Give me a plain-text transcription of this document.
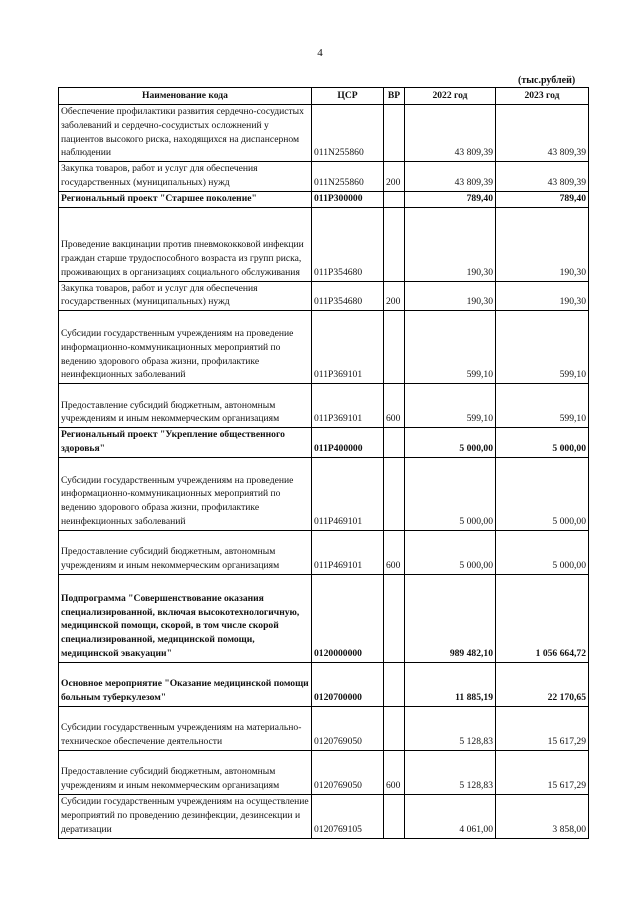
4
(тыс.рублей)
Наименование кода	ЦСР	ВР	2022 год	2023 год
Обеспечение профилактики развития сердечно-сосудистых заболеваний и сердечно-сосудистых осложнений у пациентов высокого риска, находящихся на диспансерном наблюдении	011N255860		43 809,39	43 809,39
Закупка товаров, работ и услуг для обеспечения государственных (муниципальных) нужд	011N255860	200	43 809,39	43 809,39
Региональный проект "Старшее поколение"	011P300000		789,40	789,40
Проведение вакцинации против пневмококковой инфекции граждан старше трудоспособного возраста из групп риска, проживающих в организациях социального обслуживания	011P354680		190,30	190,30
Закупка товаров, работ и услуг для обеспечения государственных (муниципальных) нужд	011P354680	200	190,30	190,30
Субсидии государственным учреждениям на проведение информационно-коммуникационных мероприятий по ведению здорового образа жизни, профилактике неинфекционных заболеваний	011P369101		599,10	599,10
Предоставление субсидий бюджетным, автономным учреждениям и иным некоммерческим организациям	011P369101	600	599,10	599,10
Региональный проект "Укрепление общественного здоровья"	011P400000		5 000,00	5 000,00
Субсидии государственным учреждениям на проведение информационно-коммуникационных мероприятий по ведению здорового образа жизни, профилактике неинфекционных заболеваний	011P469101		5 000,00	5 000,00
Предоставление субсидий бюджетным, автономным учреждениям и иным некоммерческим организациям	011P469101	600	5 000,00	5 000,00
Подпрограмма "Совершенствование оказания специализированной, включая высокотехнологичную, медицинской помощи, скорой, в том числе скорой специализированной, медицинской помощи, медицинской эвакуации"	0120000000		989 482,10	1 056 664,72
Основное мероприятие "Оказание медицинской помощи больным туберкулезом"	0120700000		11 885,19	22 170,65
Субсидии государственным учреждениям на материально-техническое обеспечение деятельности	0120769050		5 128,83	15 617,29
Предоставление субсидий бюджетным, автономным учреждениям и иным некоммерческим организациям	0120769050	600	5 128,83	15 617,29
Субсидии государственным учреждениям на осуществление мероприятий по проведению дезинфекции, дезинсекции и дератизации	0120769105		4 061,00	3 858,00
